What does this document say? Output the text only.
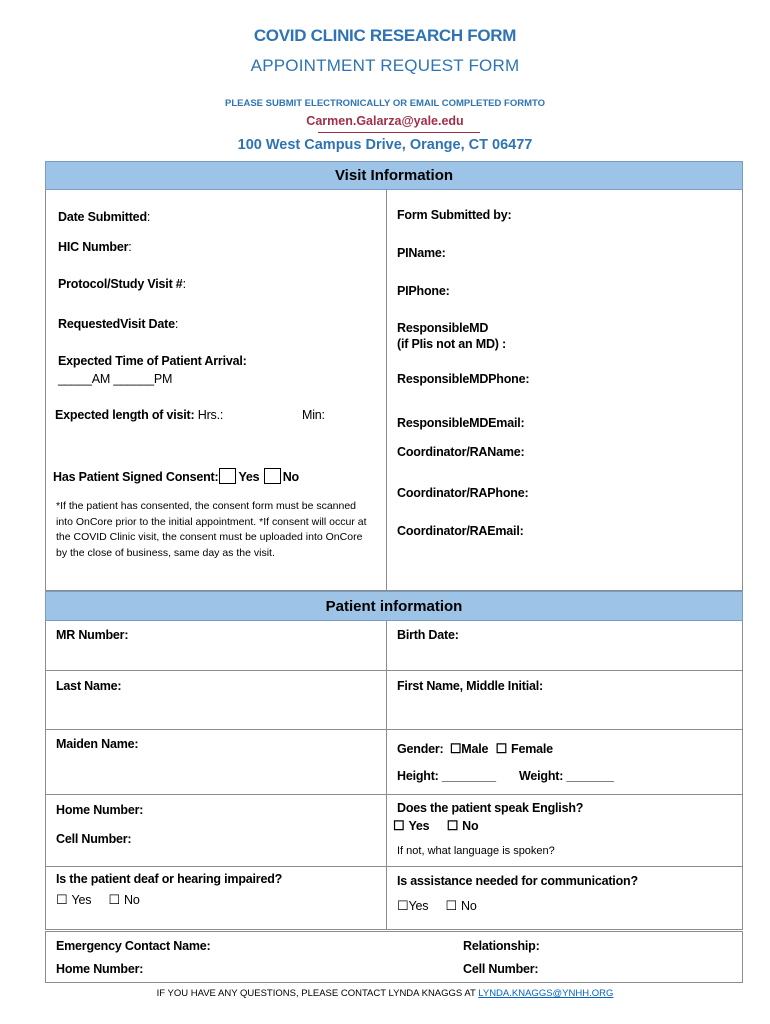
COVID CLINIC RESEARCH FORM
APPOINTMENT REQUEST FORM
PLEASE SUBMIT ELECTRONICALLY OR EMAIL COMPLETED FORMTO
Carmen.Galarza@yale.edu
100 West Campus Drive, Orange, CT 06477
Visit Information
Date Submitted:
HIC Number:
Protocol/Study Visit #:
RequestedVisit Date:
Expected Time of Patient Arrival:
_____AM ______PM
Expected length of visit: Hrs.:	Min:
Has Patient Signed Consent: Yes No
*If the patient has consented, the consent form must be scanned into OnCore prior to the initial appointment. *If consent will occur at the COVID Clinic visit, the consent must be uploaded into OnCore by the close of business, same day as the visit.
Form Submitted by:
PIName:
PIPhone:
ResponsibleMD
(if PIis not an MD) :
ResponsibleMDPhone:
ResponsibleMDEmail:
Coordinator/RAName:
Coordinator/RAPhone:
Coordinator/RAEmail:
Patient information
MR Number:	Birth Date:
Last Name:	First Name, Middle Initial:
Maiden Name:	Gender: ☐Male ☐ Female
Height: ________ Weight: _______
Home Number:
Cell Number:
Does the patient speak English?
☐ Yes ☐ No
If not, what language is spoken?
Is the patient deaf or hearing impaired?
☐ Yes ☐ No
Is assistance needed for communication?
☐Yes ☐ No
Emergency Contact Name:	Relationship:
Home Number:	Cell Number:
IF YOU HAVE ANY QUESTIONS, PLEASE CONTACT LYNDA KNAGGS AT LYNDA.KNAGGS@YNHH.ORG
